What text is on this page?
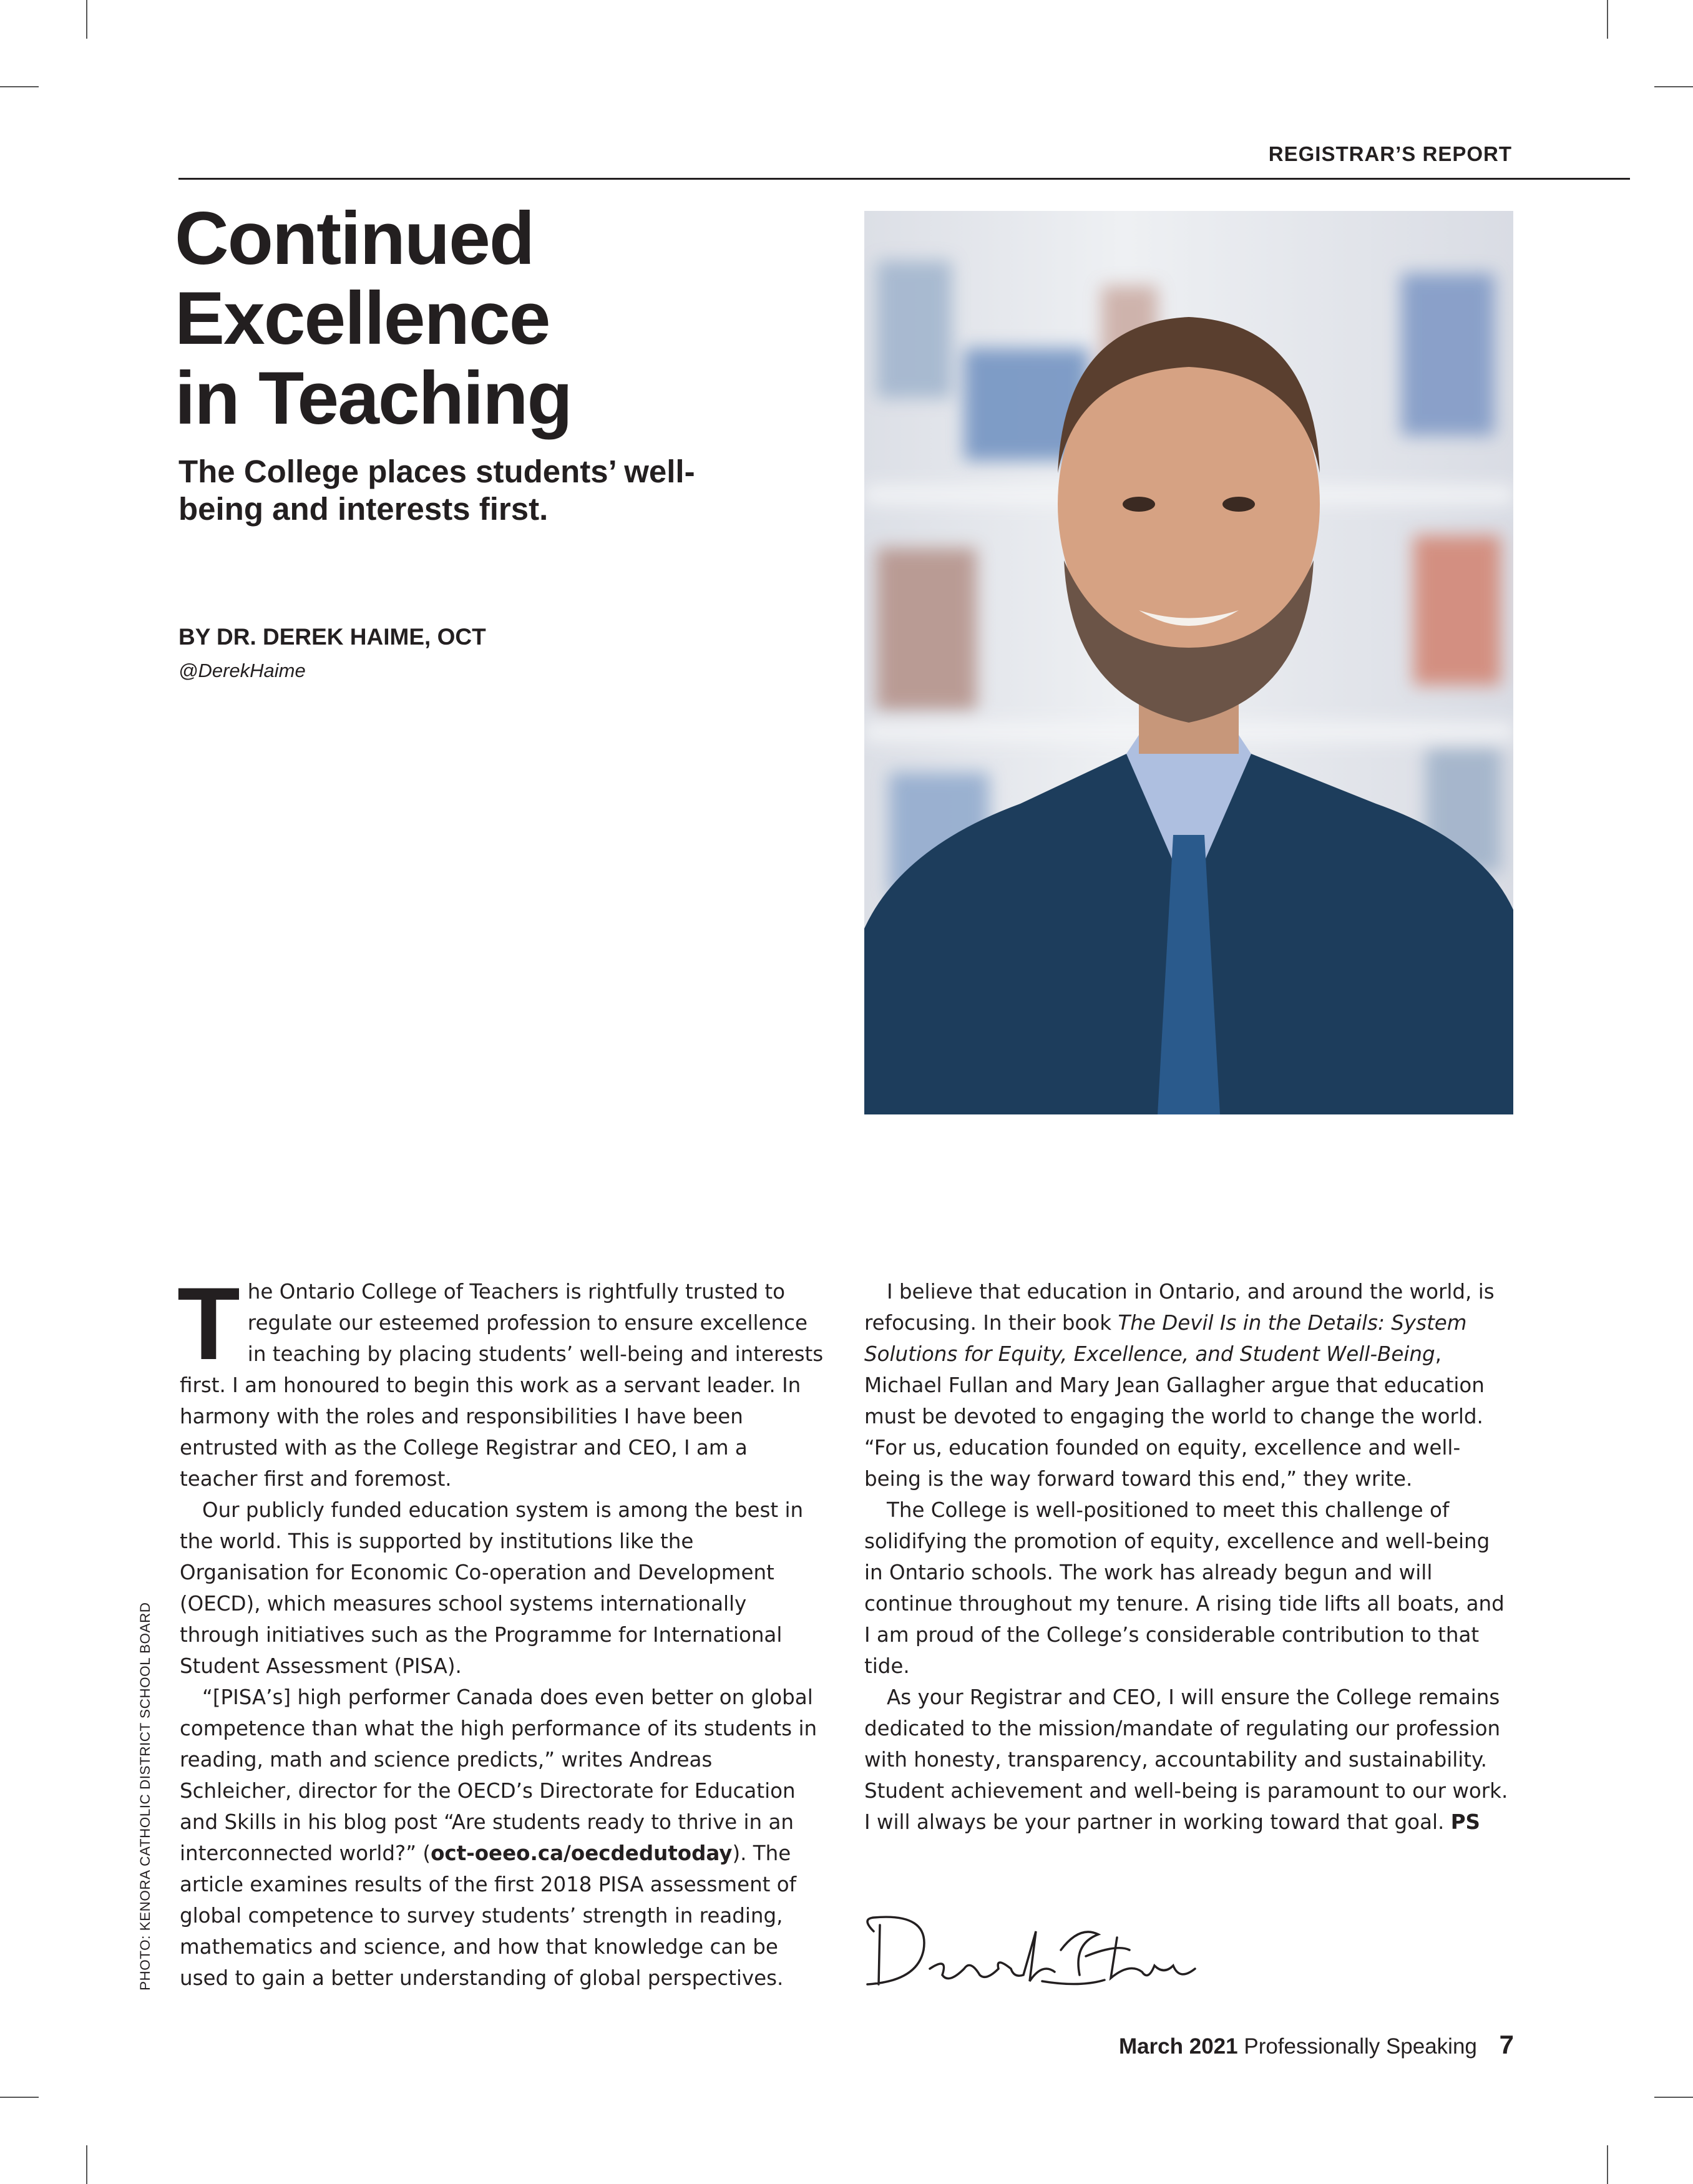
REGISTRAR’S REPORT
Continued
Excellence
in Teaching
The College places students’ well-being and interests first.
BY DR. DEREK HAIME, OCT
@DerekHaime
PHOTO: KENORA CATHOLIC DISTRICT SCHOOL BOARD

The Ontario College of Teachers is rightfully trusted to regulate our esteemed profession to ensure excellence in teaching by placing students’ well-being and interests first. I am honoured to begin this work as a servant leader. In harmony with the roles and responsibilities I have been entrusted with as the College Registrar and CEO, I am a teacher first and foremost.

Our publicly funded education system is among the best in the world. This is supported by institutions like the Organisation for Economic Co-operation and Development (OECD), which measures school systems internationally through initiatives such as the Programme for International Student Assessment (PISA).

“[PISA’s] high performer Canada does even better on global competence than what the high performance of its students in reading, math and science predicts,” writes Andreas Schleicher, director for the OECD’s Directorate for Education and Skills in his blog post “Are students ready to thrive in an interconnected world?” (oct-oeeo.ca/oecdedutoday). The article examines results of the first 2018 PISA assessment of global competence to survey students’ strength in reading, mathematics and science, and how that knowledge can be used to gain a better understanding of global perspectives.

I believe that education in Ontario, and around the world, is refocusing. In their book The Devil Is in the Details: System Solutions for Equity, Excellence, and Student Well-Being, Michael Fullan and Mary Jean Gallagher argue that education must be devoted to engaging the world to change the world. “For us, education founded on equity, excellence and well-being is the way forward toward this end,” they write.

The College is well-positioned to meet this challenge of solidifying the promotion of equity, excellence and well-being in Ontario schools. The work has already begun and will continue throughout my tenure. A rising tide lifts all boats, and I am proud of the College’s considerable contribution to that tide.

As your Registrar and CEO, I will ensure the College remains dedicated to the mission/mandate of regulating our profession with honesty, transparency, accountability and sustainability. Student achievement and well-being is paramount to our work. I will always be your partner in working toward that goal. PS

March 2021 Professionally Speaking 7
